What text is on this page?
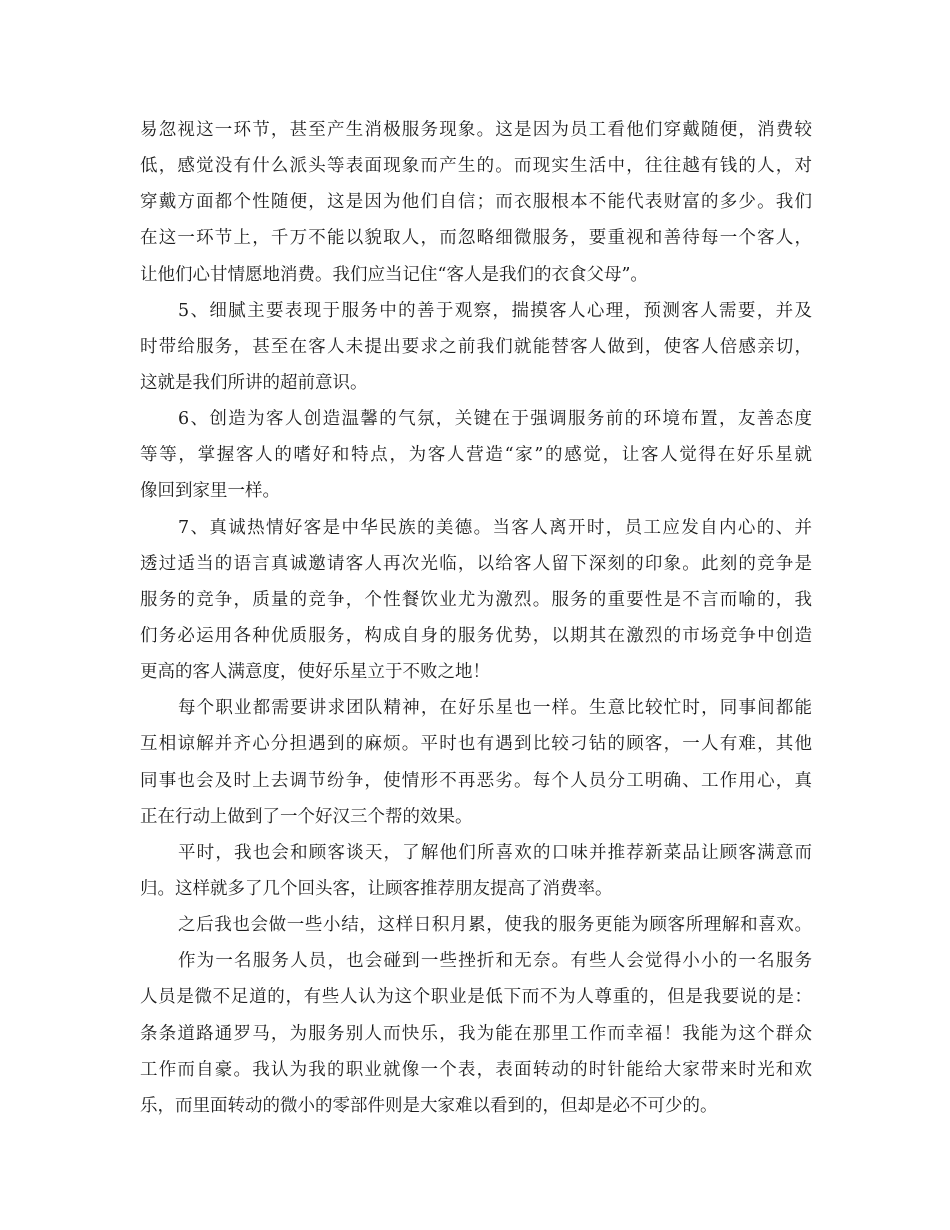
易忽视这一环节，甚至产生消极服务现象。这是因为员工看他们穿戴随便，消费较
低，感觉没有什么派头等表面现象而产生的。而现实生活中，往往越有钱的人，对
穿戴方面都个性随便，这是因为他们自信；而衣服根本不能代表财富的多少。我们
在这一环节上，千万不能以貌取人，而忽略细微服务，要重视和善待每一个客人，
让他们心甘情愿地消费。我们应当记住“客人是我们的衣食父母”。
5、细腻主要表现于服务中的善于观察，揣摸客人心理，预测客人需要，并及
时带给服务，甚至在客人未提出要求之前我们就能替客人做到，使客人倍感亲切，
这就是我们所讲的超前意识。
6、创造为客人创造温馨的气氛，关键在于强调服务前的环境布置，友善态度
等等，掌握客人的嗜好和特点，为客人营造“家”的感觉，让客人觉得在好乐星就
像回到家里一样。
7、真诚热情好客是中华民族的美德。当客人离开时，员工应发自内心的、并
透过适当的语言真诚邀请客人再次光临，以给客人留下深刻的印象。此刻的竞争是
服务的竞争，质量的竞争，个性餐饮业尤为激烈。服务的重要性是不言而喻的，我
们务必运用各种优质服务，构成自身的服务优势，以期其在激烈的市场竞争中创造
更高的客人满意度，使好乐星立于不败之地！
每个职业都需要讲求团队精神，在好乐星也一样。生意比较忙时，同事间都能
互相谅解并齐心分担遇到的麻烦。平时也有遇到比较刁钻的顾客，一人有难，其他
同事也会及时上去调节纷争，使情形不再恶劣。每个人员分工明确、工作用心，真
正在行动上做到了一个好汉三个帮的效果。
平时，我也会和顾客谈天，了解他们所喜欢的口味并推荐新菜品让顾客满意而
归。这样就多了几个回头客，让顾客推荐朋友提高了消费率。
之后我也会做一些小结，这样日积月累，使我的服务更能为顾客所理解和喜欢。
作为一名服务人员，也会碰到一些挫折和无奈。有些人会觉得小小的一名服务
人员是微不足道的，有些人认为这个职业是低下而不为人尊重的，但是我要说的是：
条条道路通罗马，为服务别人而快乐，我为能在那里工作而幸福！我能为这个群众
工作而自豪。我认为我的职业就像一个表，表面转动的时针能给大家带来时光和欢
乐，而里面转动的微小的零部件则是大家难以看到的，但却是必不可少的。
